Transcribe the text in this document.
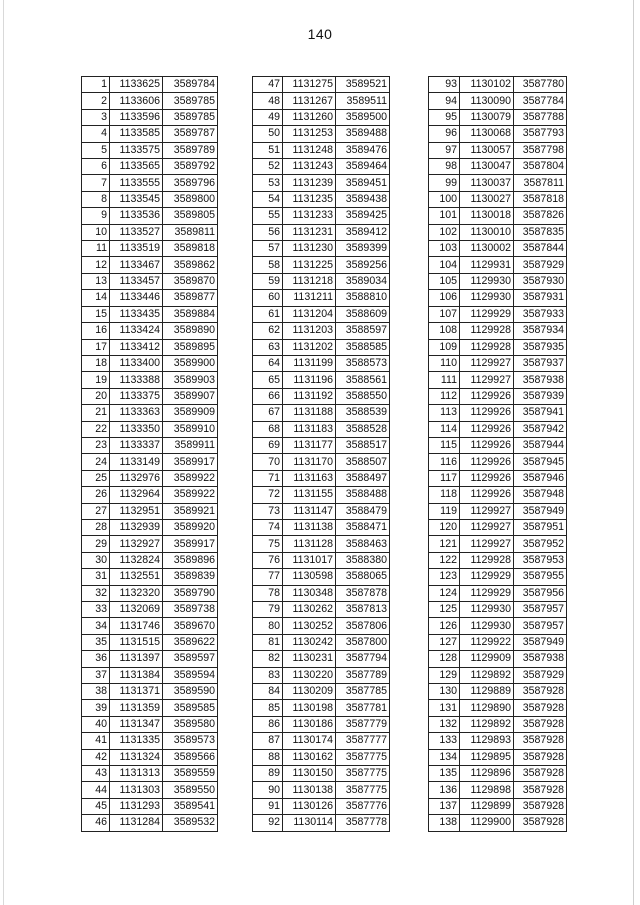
140
1	1133625	3589784
2	1133606	3589785
3	1133596	3589785
4	1133585	3589787
5	1133575	3589789
6	1133565	3589792
7	1133555	3589796
8	1133545	3589800
9	1133536	3589805
10	1133527	3589811
11	1133519	3589818
12	1133467	3589862
13	1133457	3589870
14	1133446	3589877
15	1133435	3589884
16	1133424	3589890
17	1133412	3589895
18	1133400	3589900
19	1133388	3589903
20	1133375	3589907
21	1133363	3589909
22	1133350	3589910
23	1133337	3589911
24	1133149	3589917
25	1132976	3589922
26	1132964	3589922
27	1132951	3589921
28	1132939	3589920
29	1132927	3589917
30	1132824	3589896
31	1132551	3589839
32	1132320	3589790
33	1132069	3589738
34	1131746	3589670
35	1131515	3589622
36	1131397	3589597
37	1131384	3589594
38	1131371	3589590
39	1131359	3589585
40	1131347	3589580
41	1131335	3589573
42	1131324	3589566
43	1131313	3589559
44	1131303	3589550
45	1131293	3589541
46	1131284	3589532
47	1131275	3589521
48	1131267	3589511
49	1131260	3589500
50	1131253	3589488
51	1131248	3589476
52	1131243	3589464
53	1131239	3589451
54	1131235	3589438
55	1131233	3589425
56	1131231	3589412
57	1131230	3589399
58	1131225	3589256
59	1131218	3589034
60	1131211	3588810
61	1131204	3588609
62	1131203	3588597
63	1131202	3588585
64	1131199	3588573
65	1131196	3588561
66	1131192	3588550
67	1131188	3588539
68	1131183	3588528
69	1131177	3588517
70	1131170	3588507
71	1131163	3588497
72	1131155	3588488
73	1131147	3588479
74	1131138	3588471
75	1131128	3588463
76	1131017	3588380
77	1130598	3588065
78	1130348	3587878
79	1130262	3587813
80	1130252	3587806
81	1130242	3587800
82	1130231	3587794
83	1130220	3587789
84	1130209	3587785
85	1130198	3587781
86	1130186	3587779
87	1130174	3587777
88	1130162	3587775
89	1130150	3587775
90	1130138	3587775
91	1130126	3587776
92	1130114	3587778
93	1130102	3587780
94	1130090	3587784
95	1130079	3587788
96	1130068	3587793
97	1130057	3587798
98	1130047	3587804
99	1130037	3587811
100	1130027	3587818
101	1130018	3587826
102	1130010	3587835
103	1130002	3587844
104	1129931	3587929
105	1129930	3587930
106	1129930	3587931
107	1129929	3587933
108	1129928	3587934
109	1129928	3587935
110	1129927	3587937
111	1129927	3587938
112	1129926	3587939
113	1129926	3587941
114	1129926	3587942
115	1129926	3587944
116	1129926	3587945
117	1129926	3587946
118	1129926	3587948
119	1129927	3587949
120	1129927	3587951
121	1129927	3587952
122	1129928	3587953
123	1129929	3587955
124	1129929	3587956
125	1129930	3587957
126	1129930	3587957
127	1129922	3587949
128	1129909	3587938
129	1129892	3587929
130	1129889	3587928
131	1129890	3587928
132	1129892	3587928
133	1129893	3587928
134	1129895	3587928
135	1129896	3587928
136	1129898	3587928
137	1129899	3587928
138	1129900	3587928
